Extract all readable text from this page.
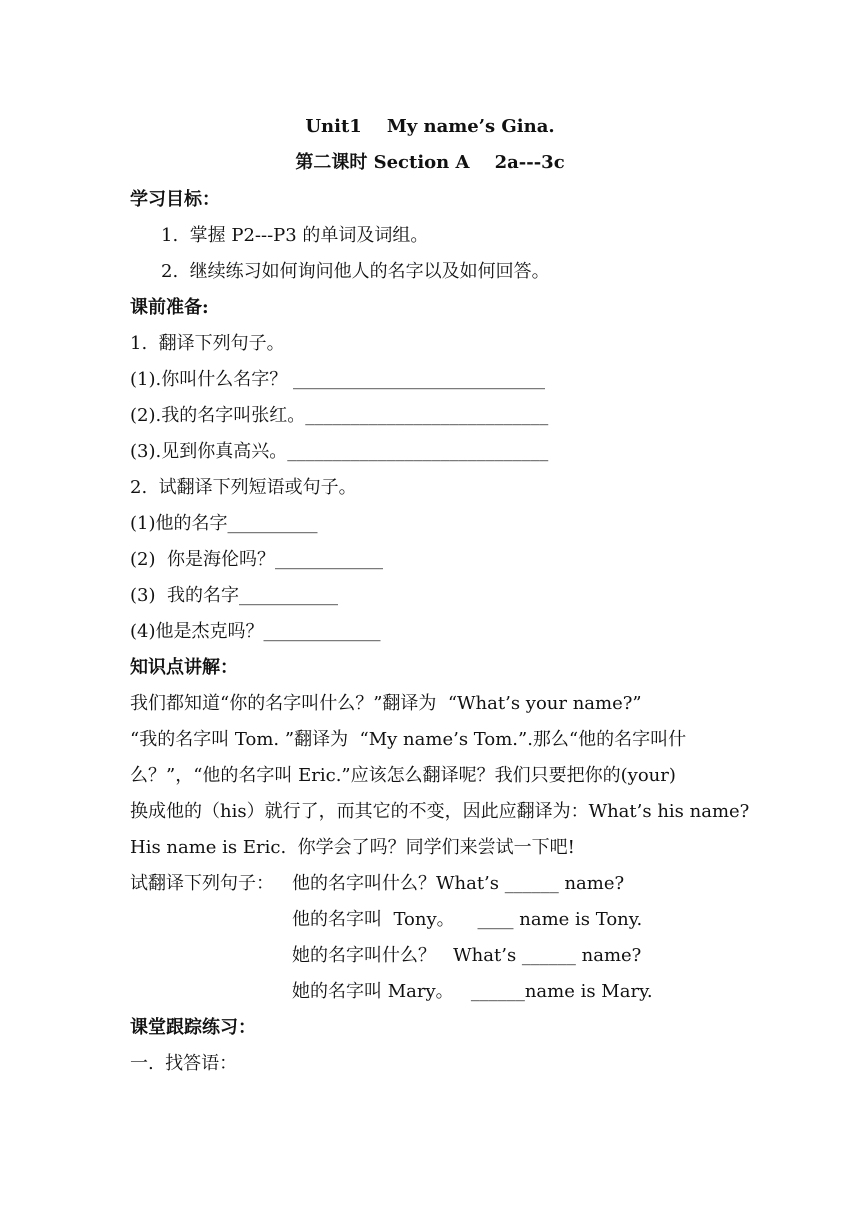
Unit1    My name’s Gina.
第二课时 Section A    2a---3c
学习目标：
1.  掌握 P2---P3 的单词及词组。
2.  继续练习如何询问他人的名字以及如何回答。
课前准备:
1.  翻译下列句子。
(1).你叫什么名字？ ____________________________
(2).我的名字叫张红。___________________________
(3).见到你真高兴。_____________________________
2.  试翻译下列短语或句子。
(1)他的名字__________
(2)  你是海伦吗？____________
(3)  我的名字___________
(4)他是杰克吗？_____________
知识点讲解：
我们都知道“你的名字叫什么？”翻译为  “What’s your name?”
“我的名字叫 Tom. ”翻译为  “My name’s Tom.”.那么“他的名字叫什
么？”，“他的名字叫 Eric.”应该怎么翻译呢？我们只要把你的(your)
换成他的（his）就行了，而其它的不变，因此应翻译为：What’s his name?
His name is Eric.  你学会了吗？同学们来尝试一下吧!
试翻译下列句子： 他的名字叫什么？What’s ______ name?
他的名字叫  Tony。    ____ name is Tony.
她的名字叫什么？   What’s ______ name?
她的名字叫 Mary。   ______name is Mary.
课堂跟踪练习：
一.  找答语：
